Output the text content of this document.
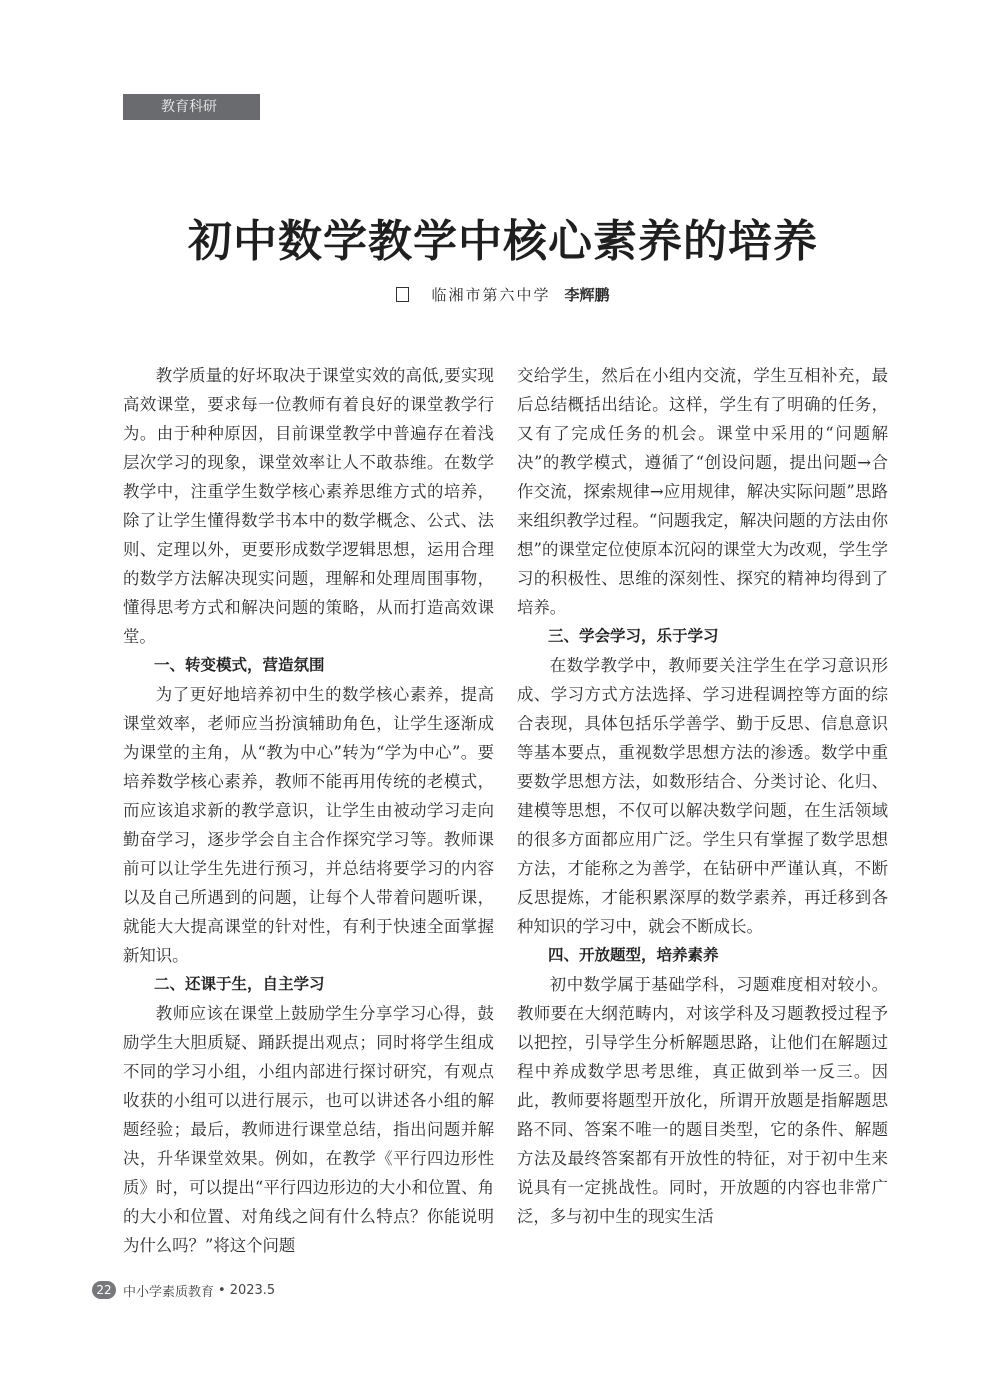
教育科研
初中数学教学中核心素养的培养
临湘市第六中学 李辉鹏

教学质量的好坏取决于课堂实效的高低,要实现高效课堂，要求每一位教师有着良好的课堂教学行为。由于种种原因，目前课堂教学中普遍存在着浅层次学习的现象，课堂效率让人不敢恭维。在数学教学中，注重学生数学核心素养思维方式的培养，除了让学生懂得数学书本中的数学概念、公式、法则、定理以外，更要形成数学逻辑思想，运用合理的数学方法解决现实问题，理解和处理周围事物，懂得思考方式和解决问题的策略，从而打造高效课堂。

一、转变模式，营造氛围

为了更好地培养初中生的数学核心素养，提高课堂效率，老师应当扮演辅助角色，让学生逐渐成为课堂的主角，从“教为中心”转为“学为中心”。要培养数学核心素养，教师不能再用传统的老模式，而应该追求新的教学意识，让学生由被动学习走向勤奋学习，逐步学会自主合作探究学习等。教师课前可以让学生先进行预习，并总结将要学习的内容以及自己所遇到的问题，让每个人带着问题听课，就能大大提高课堂的针对性，有利于快速全面掌握新知识。

二、还课于生，自主学习

教师应该在课堂上鼓励学生分享学习心得，鼓励学生大胆质疑、踊跃提出观点；同时将学生组成不同的学习小组，小组内部进行探讨研究，有观点收获的小组可以进行展示，也可以讲述各小组的解题经验；最后，教师进行课堂总结，指出问题并解决，升华课堂效果。例如，在教学《平行四边形性质》时，可以提出“平行四边形边的大小和位置、角的大小和位置、对角线之间有什么特点？你能说明为什么吗？”将这个问题

交给学生，然后在小组内交流，学生互相补充，最后总结概括出结论。这样，学生有了明确的任务，又有了完成任务的机会。课堂中采用的“问题解决”的教学模式，遵循了“创设问题，提出问题→合作交流，探索规律→应用规律，解决实际问题”思路来组织教学过程。“问题我定，解决问题的方法由你想”的课堂定位使原本沉闷的课堂大为改观，学生学习的积极性、思维的深刻性、探究的精神均得到了培养。

三、学会学习，乐于学习

在数学教学中，教师要关注学生在学习意识形成、学习方式方法选择、学习进程调控等方面的综合表现，具体包括乐学善学、勤于反思、信息意识等基本要点，重视数学思想方法的渗透。数学中重要数学思想方法，如数形结合、分类讨论、化归、建模等思想，不仅可以解决数学问题，在生活领域的很多方面都应用广泛。学生只有掌握了数学思想方法，才能称之为善学，在钻研中严谨认真，不断反思提炼，才能积累深厚的数学素养，再迁移到各种知识的学习中，就会不断成长。

四、开放题型，培养素养

初中数学属于基础学科，习题难度相对较小。教师要在大纲范畴内，对该学科及习题教授过程予以把控，引导学生分析解题思路，让他们在解题过程中养成数学思考思维，真正做到举一反三。因此，教师要将题型开放化，所谓开放题是指解题思路不同、答案不唯一的题目类型，它的条件、解题方法及最终答案都有开放性的特征，对于初中生来说具有一定挑战性。同时，开放题的内容也非常广泛，多与初中生的现实生活

22 中小学素质教育 • 2023.5
